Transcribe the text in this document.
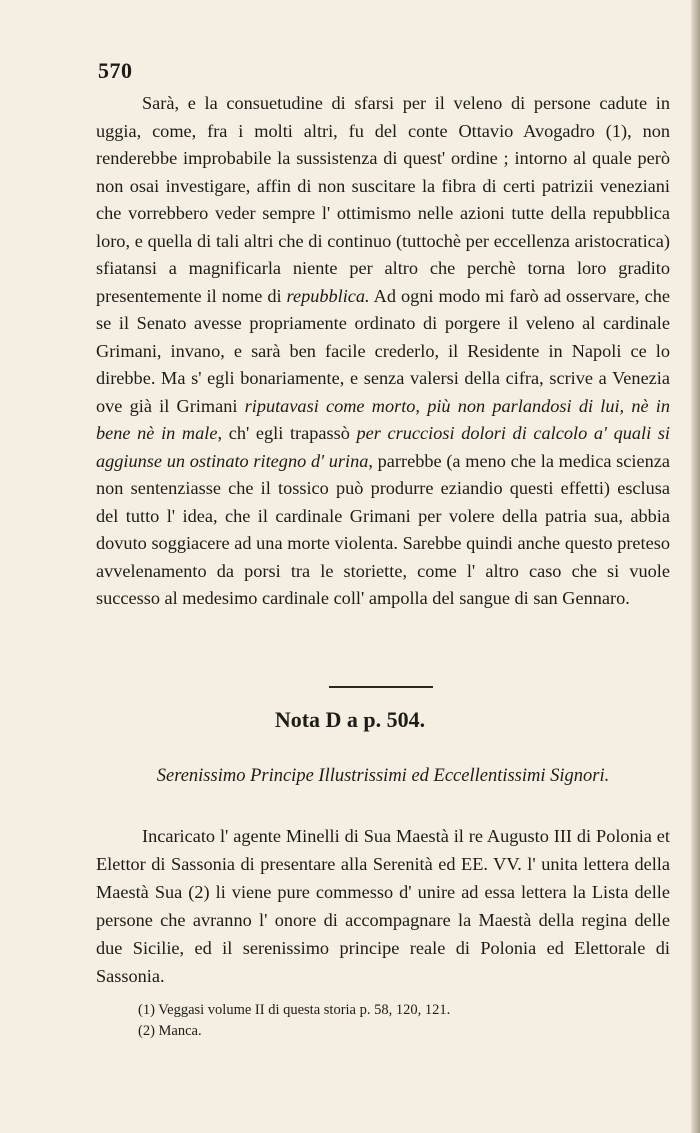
570

Sarà, e la consuetudine di sfarsi per il veleno di persone cadute in uggia, come, fra i molti altri, fu del conte Ottavio Avogadro (1), non renderebbe improbabile la sussistenza di quest' ordine ; intorno al quale però non osai investigare, affin di non suscitare la fibra di certi patrizii veneziani che vorrebbero veder sempre l' ottimismo nelle azioni tutte della repubblica loro, e quella di tali altri che di continuo (tuttochè per eccellenza aristocratica) sfiatansi a magnificarla niente per altro che perchè torna loro gradito presentemente il nome di repubblica. Ad ogni modo mi farò ad osservare, che se il Senato avesse propriamente ordinato di porgere il veleno al cardinale Grimani, invano, e sarà ben facile crederlo, il Residente in Napoli ce lo direbbe. Ma s' egli bonariamente, e senza valersi della cifra, scrive a Venezia ove già il Grimani riputavasi come morto, più non parlandosi di lui, nè in bene nè in male, ch' egli trapassò per crucciosi dolori di calcolo a' quali si aggiunse un ostinato ritegno d' urina, parrebbe (a meno che la medica scienza non sentenziasse che il tossico può produrre eziandio questi effetti) esclusa del tutto l' idea, che il cardinale Grimani per volere della patria sua, abbia dovuto soggiacere ad una morte violenta. Sarebbe quindi anche questo preteso avvelenamento da porsi tra le storiette, come l' altro caso che si vuole successo al medesimo cardinale coll' ampolla del sangue di san Gennaro.

Nota D a p. 504.

Serenissimo Principe Illustrissimi ed Eccellentissimi Signori.

Incaricato l' agente Minelli di Sua Maestà il re Augusto III di Polonia et Elettor di Sassonia di presentare alla Serenità ed EE. VV. l' unita lettera della Maestà Sua (2) li viene pure commesso d' unire ad essa lettera la Lista delle persone che avranno l' onore di accompagnare la Maestà della regina delle due Sicilie, ed il serenissimo principe reale di Polonia ed Elettorale di Sassonia.

(1) Veggasi volume II di questa storia p. 58, 120, 121.
(2) Manca.
